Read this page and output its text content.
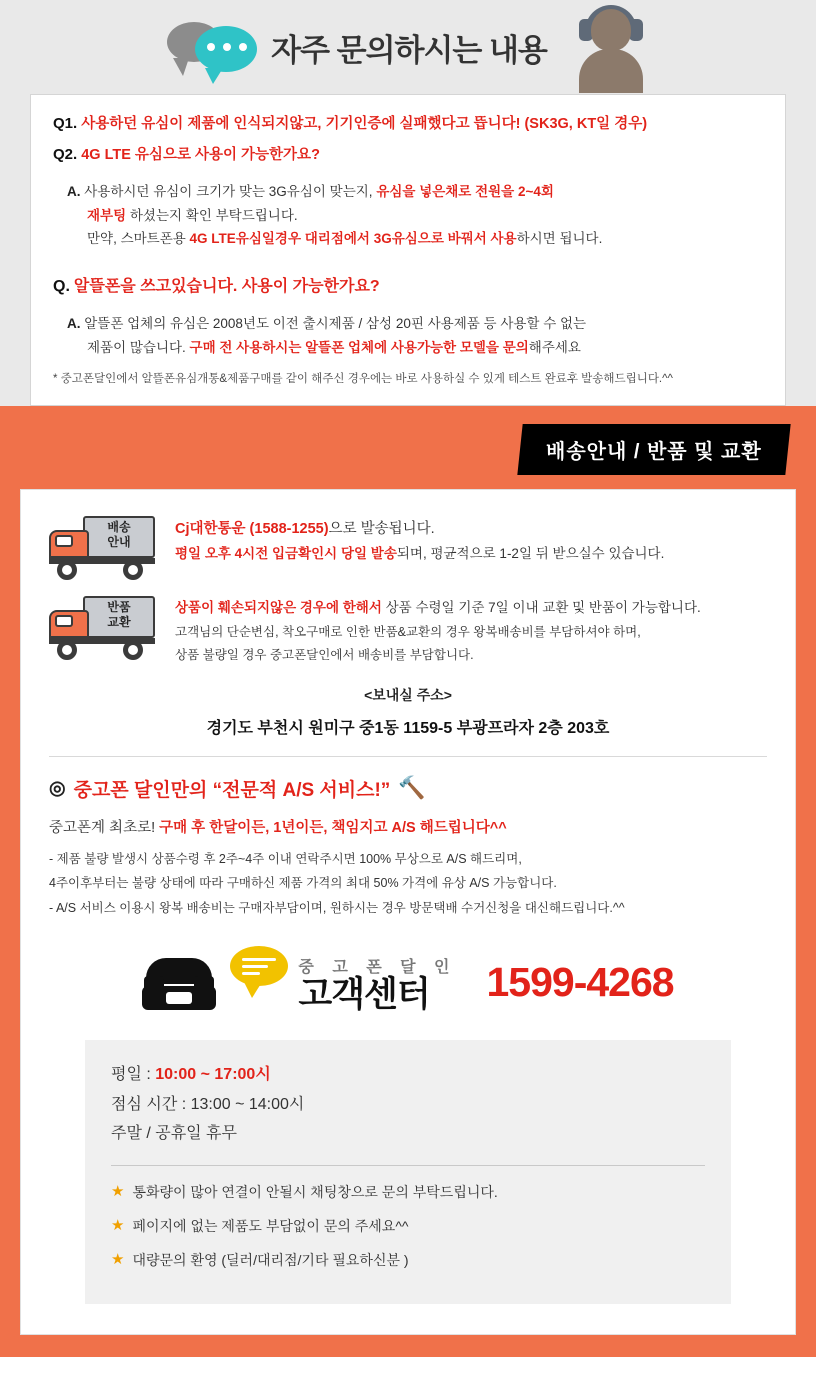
자주 문의하시는 내용
Q1. 사용하던 유심이 제품에 인식되지않고, 기기인증에 실패했다고 뜹니다! (SK3G, KT일 경우)
Q2. 4G LTE 유심으로 사용이 가능한가요?
A. 사용하시던 유심이 크기가 맞는 3G유심이 맞는지, 유심을 넣은채로 전원을 2~4회
재부팅 하셨는지 확인 부탁드립니다.
만약, 스마트폰용 4G LTE유심일경우 대리점에서 3G유심으로 바꿔서 사용하시면 됩니다.
Q. 알뜰폰을 쓰고있습니다. 사용이 가능한가요?
A. 알뜰폰 업체의 유심은 2008년도 이전 출시제품 / 삼성 20핀 사용제품 등 사용할 수 없는
제품이 많습니다. 구매 전 사용하시는 알뜰폰 업체에 사용가능한 모델을 문의해주세요
* 중고폰달인에서 알뜰폰유심개통&제품구매를 같이 해주신 경우에는 바로 사용하실 수 있게 테스트 완료후 발송해드립니다.^^
배송안내 / 반품 및 교환
배송
안내
Cj대한통운 (1588-1255)으로 발송됩니다.
평일 오후 4시전 입금확인시 당일 발송되며, 평균적으로 1-2일 뒤 받으실수 있습니다.
반품
교환
상품이 훼손되지않은 경우에 한해서 상품 수령일 기준 7일 이내 교환 및 반품이 가능합니다.
고객님의 단순변심, 착오구매로 인한 반품&교환의 경우 왕복배송비를 부담하셔야 하며,
상품 불량일 경우 중고폰달인에서 배송비를 부담합니다.
<보내실 주소>
경기도 부천시 원미구 중1동 1159-5 부광프라자 2층 203호
◎ 중고폰 달인만의 “전문적 A/S 서비스!” 🔨
중고폰계 최초로! 구매 후 한달이든, 1년이든, 책임지고 A/S 해드립니다^^
- 제품 불량 발생시 상품수령 후 2주~4주 이내 연락주시면 100% 무상으로 A/S 해드리며,
4주이후부터는 불량 상태에 따라 구매하신 제품 가격의 최대 50% 가격에 유상 A/S 가능합니다.
- A/S 서비스 이용시 왕복 배송비는 구매자부담이며, 원하시는 경우 방문택배 수거신청을 대신해드립니다.^^
중 고 폰 달 인
고객센터	1599-4268
평일 : 10:00 ~ 17:00시
점심 시간 : 13:00 ~ 14:00시
주말 / 공휴일 휴무
★ 통화량이 많아 연결이 안될시 채팅창으로 문의 부탁드립니다.
★ 페이지에 없는 제품도 부담없이 문의 주세요^^
★ 대량문의 환영 (딜러/대리점/기타 필요하신분 )
